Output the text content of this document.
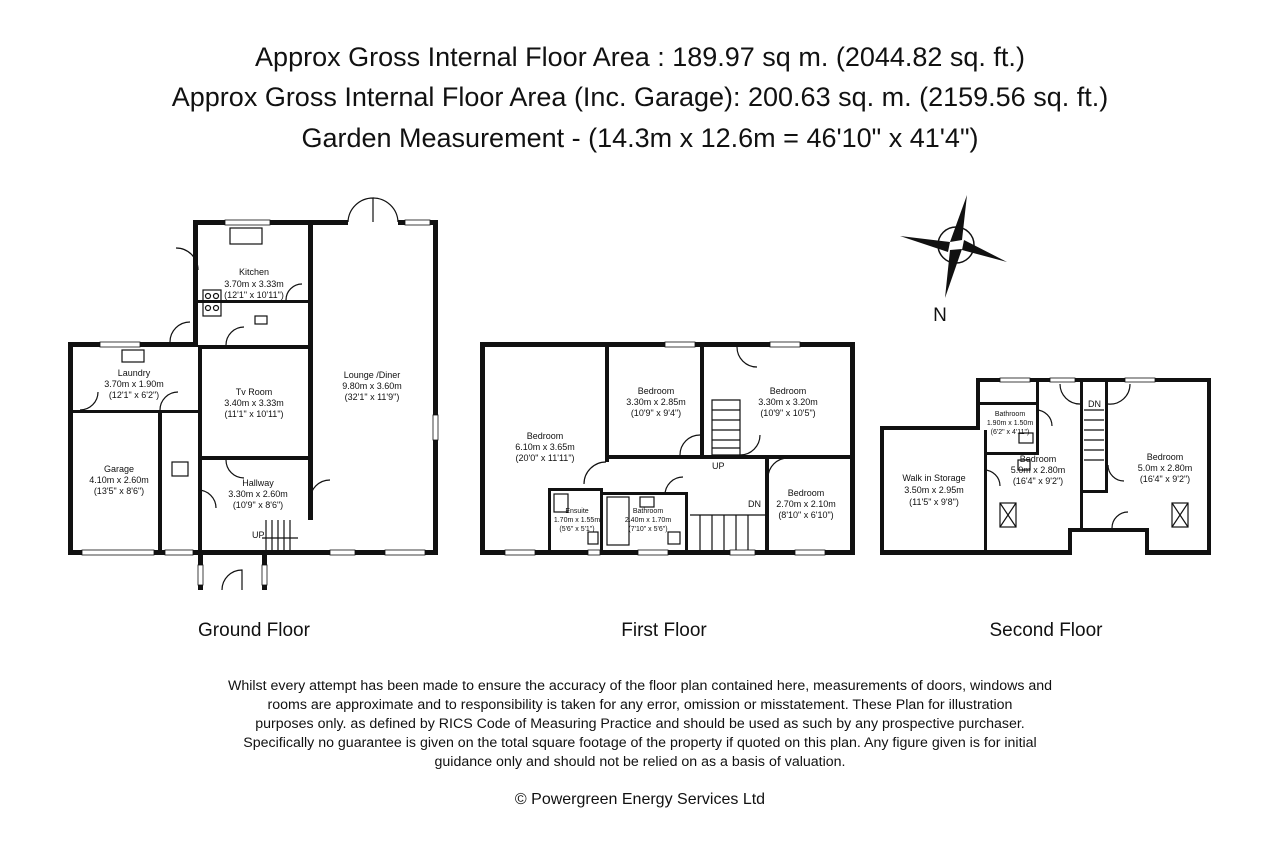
Approx Gross Internal Floor Area : 189.97 sq m. (2044.82 sq. ft.)
Approx Gross Internal Floor Area (Inc. Garage): 200.63 sq. m. (2159.56 sq. ft.)
Garden Measurement - (14.3m x 12.6m = 46'10" x 41'4")
Kitchen
3.70m x 3.33m
(12'1" x 10'11")
Laundry
3.70m x 1.90m
(12'1" x 6'2")	Tv Room
3.40m x 3.33m
(11'1" x 10'11")
Lounge /Diner
9.80m x 3.60m
(32'1" x 11'9")
Garage
4.10m x 2.60m
(13'5" x 8'6")
Hallway
3.30m x 2.60m
(10'9" x 8'6")
UP
Bedroom
6.10m x 3.65m
(20'0" x 11'11")
Bedroom
3.30m x 2.85m
(10'9" x 9'4")
Bedroom
3.30m x 3.20m
(10'9" x 10'5")
Bedroom
2.70m x 2.10m
(8'10" x 6'10")
Ensuite
1.70m x 1.55m
(5'6" x 5'1")
Bathroom
2.40m x 1.70m
(7'10" x 5'6")
UP
DN
Walk in Storage
3.50m x 2.95m
(11'5" x 9'8")
Bathroom
1.90m x 1.50m
(6'2" x 4'11")
Bedroom
5.0m x 2.80m
(16'4" x 9'2")
Bedroom
5.0m x 2.80m
(16'4" x 9'2")
DN
N
Ground Floor	First Floor	Second Floor
Whilst every attempt has been made to ensure the accuracy of the floor plan contained here, measurements of doors, windows and
rooms are approximate and to responsibility is taken for any error, omission or misstatement. These Plan for illustration
purposes only. as defined by RICS Code of Measuring Practice and should be used as such by any prospective purchaser.
Specifically no guarantee is given on the total square footage of the property if quoted on this plan. Any figure given is for initial
guidance only and should not be relied on as a basis of valuation.
© Powergreen Energy Services Ltd
